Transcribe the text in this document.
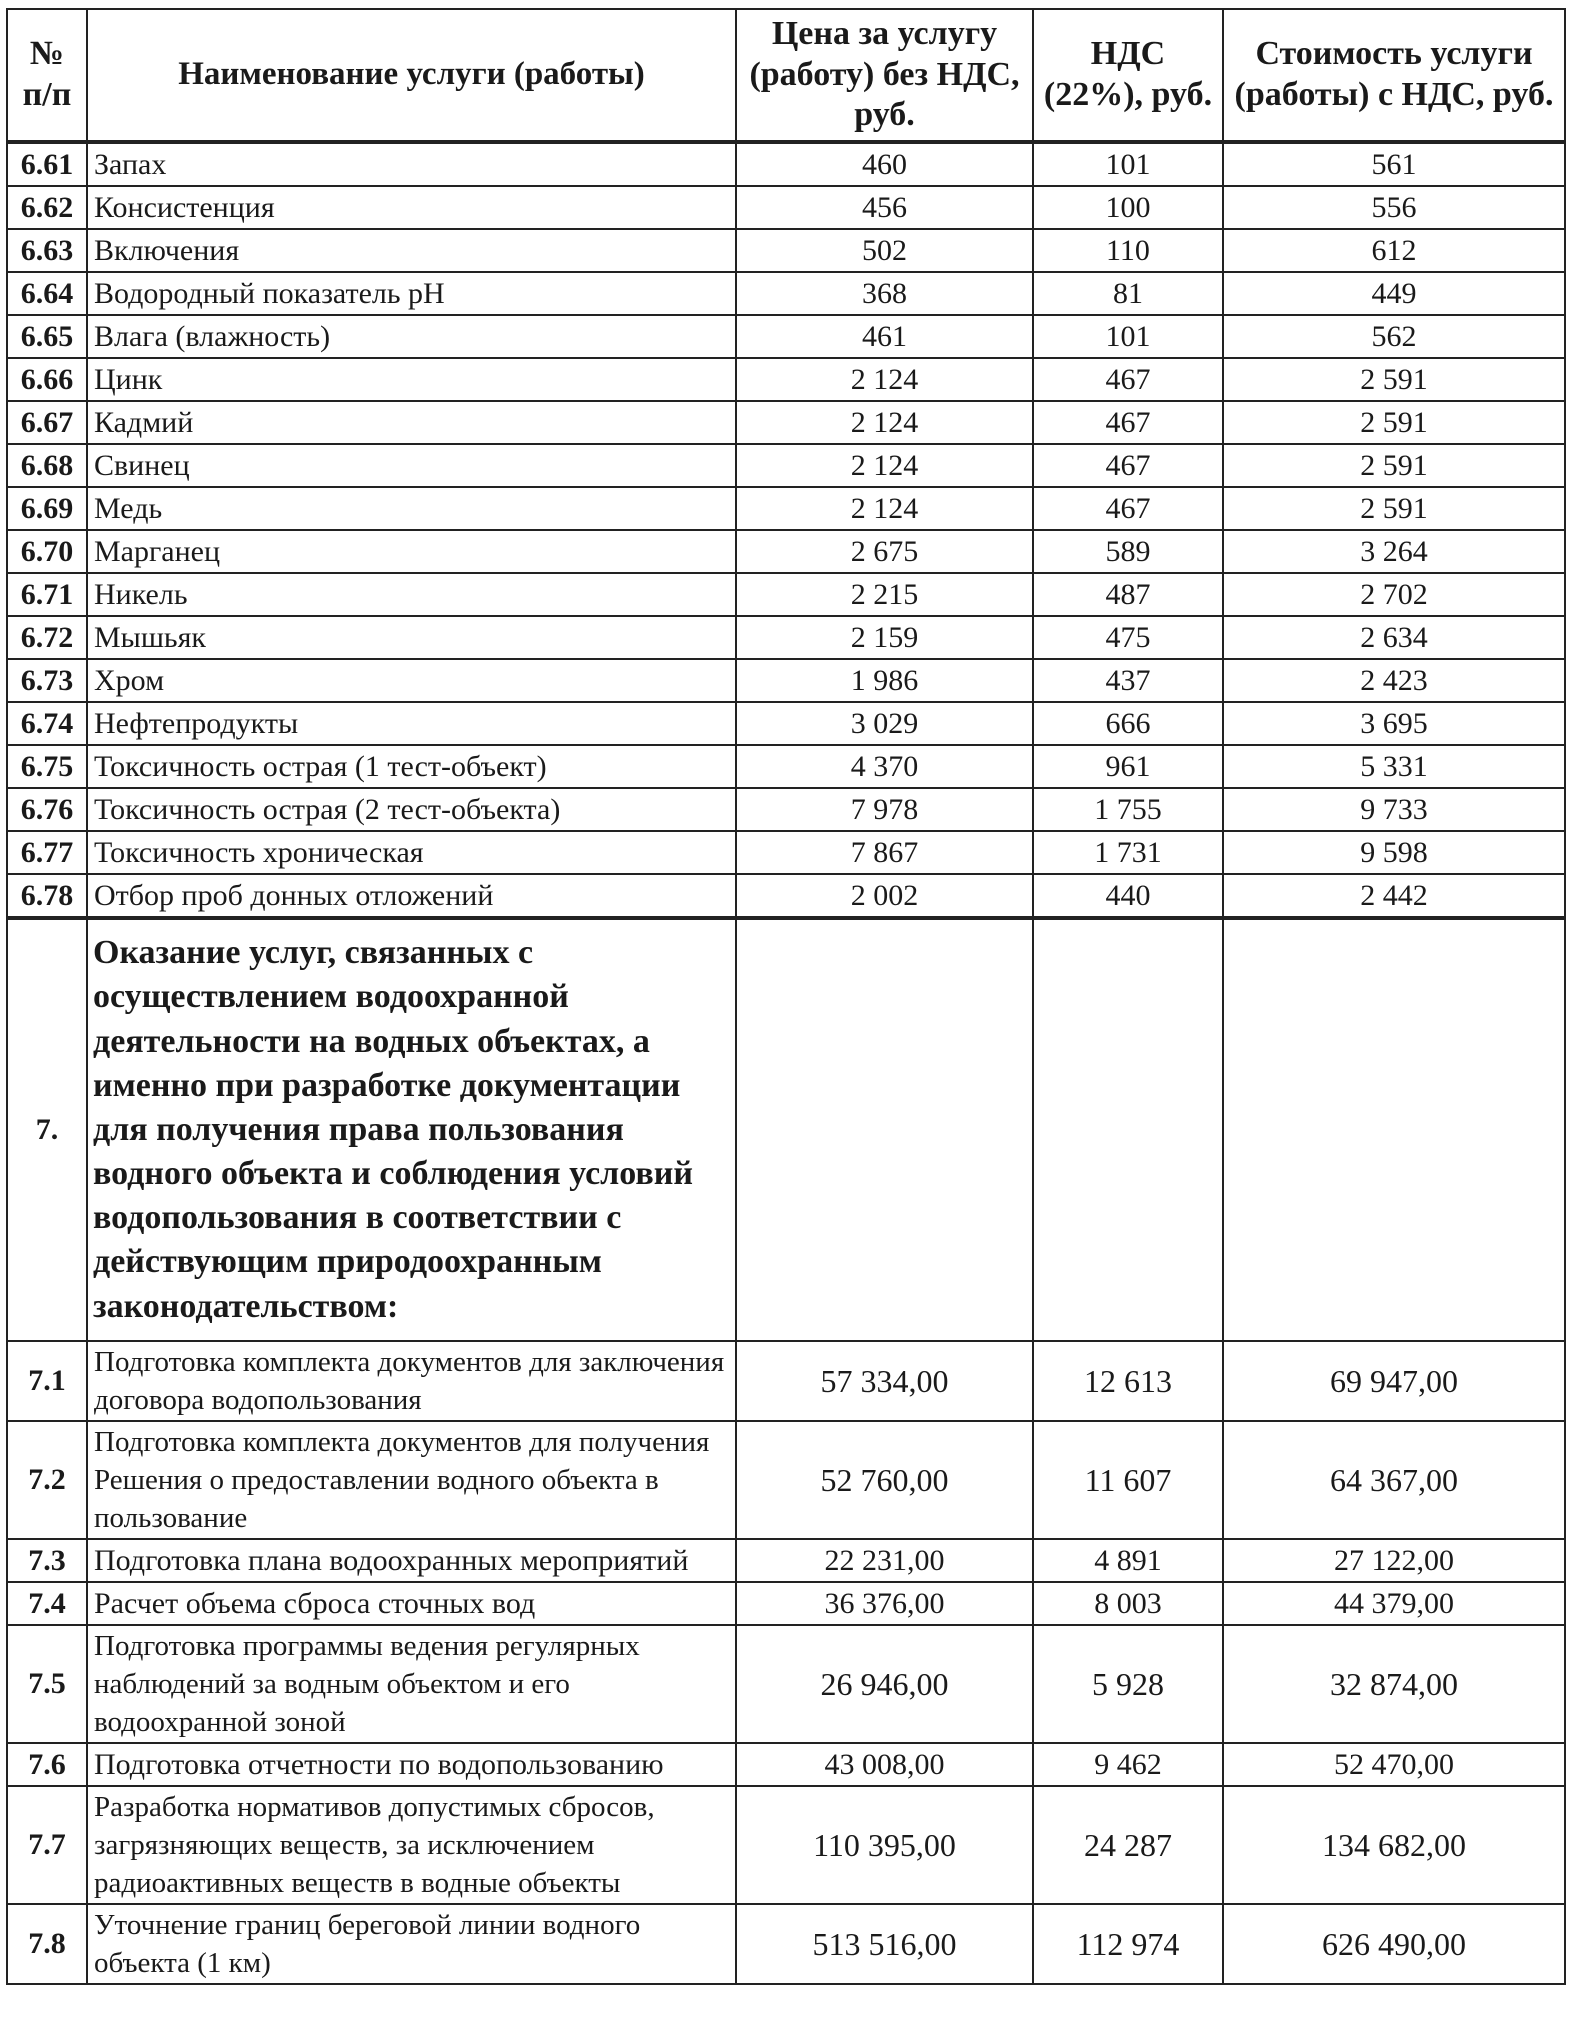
№ п/п	Наименование услуги (работы)	Цена за услугу (работу) без НДС, руб.	НДС (22%), руб.	Стоимость услуги (работы) с НДС, руб.
6.61	Запах	460	101	561
6.62	Консистенция	456	100	556
6.63	Включения	502	110	612
6.64	Водородный показатель pH	368	81	449
6.65	Влага (влажность)	461	101	562
6.66	Цинк	2 124	467	2 591
6.67	Кадмий	2 124	467	2 591
6.68	Свинец	2 124	467	2 591
6.69	Медь	2 124	467	2 591
6.70	Марганец	2 675	589	3 264
6.71	Никель	2 215	487	2 702
6.72	Мышьяк	2 159	475	2 634
6.73	Хром	1 986	437	2 423
6.74	Нефтепродукты	3 029	666	3 695
6.75	Токсичность острая (1 тест-объект)	4 370	961	5 331
6.76	Токсичность острая (2 тест-объекта)	7 978	1 755	9 733
6.77	Токсичность хроническая	7 867	1 731	9 598
6.78	Отбор проб донных отложений	2 002	440	2 442
7.	Оказание услуг, связанных с осуществлением водоохранной деятельности на водных объектах, а именно при разработке документации для получения права пользования водного объекта и соблюдения условий водопользования в соответствии с действующим природоохранным законодательством:			
7.1	Подготовка комплекта документов для заключения договора водопользования	57 334,00	12 613	69 947,00
7.2	Подготовка комплекта документов для получения Решения о предоставлении водного объекта в пользование	52 760,00	11 607	64 367,00
7.3	Подготовка плана водоохранных мероприятий	22 231,00	4 891	27 122,00
7.4	Расчет объема сброса сточных вод	36 376,00	8 003	44 379,00
7.5	Подготовка программы ведения регулярных наблюдений за водным объектом и его водоохранной зоной	26 946,00	5 928	32 874,00
7.6	Подготовка отчетности по водопользованию	43 008,00	9 462	52 470,00
7.7	Разработка нормативов допустимых сбросов, загрязняющих веществ, за исключением радиоактивных веществ в водные объекты	110 395,00	24 287	134 682,00
7.8	Уточнение границ береговой линии водного объекта (1 км)	513 516,00	112 974	626 490,00
